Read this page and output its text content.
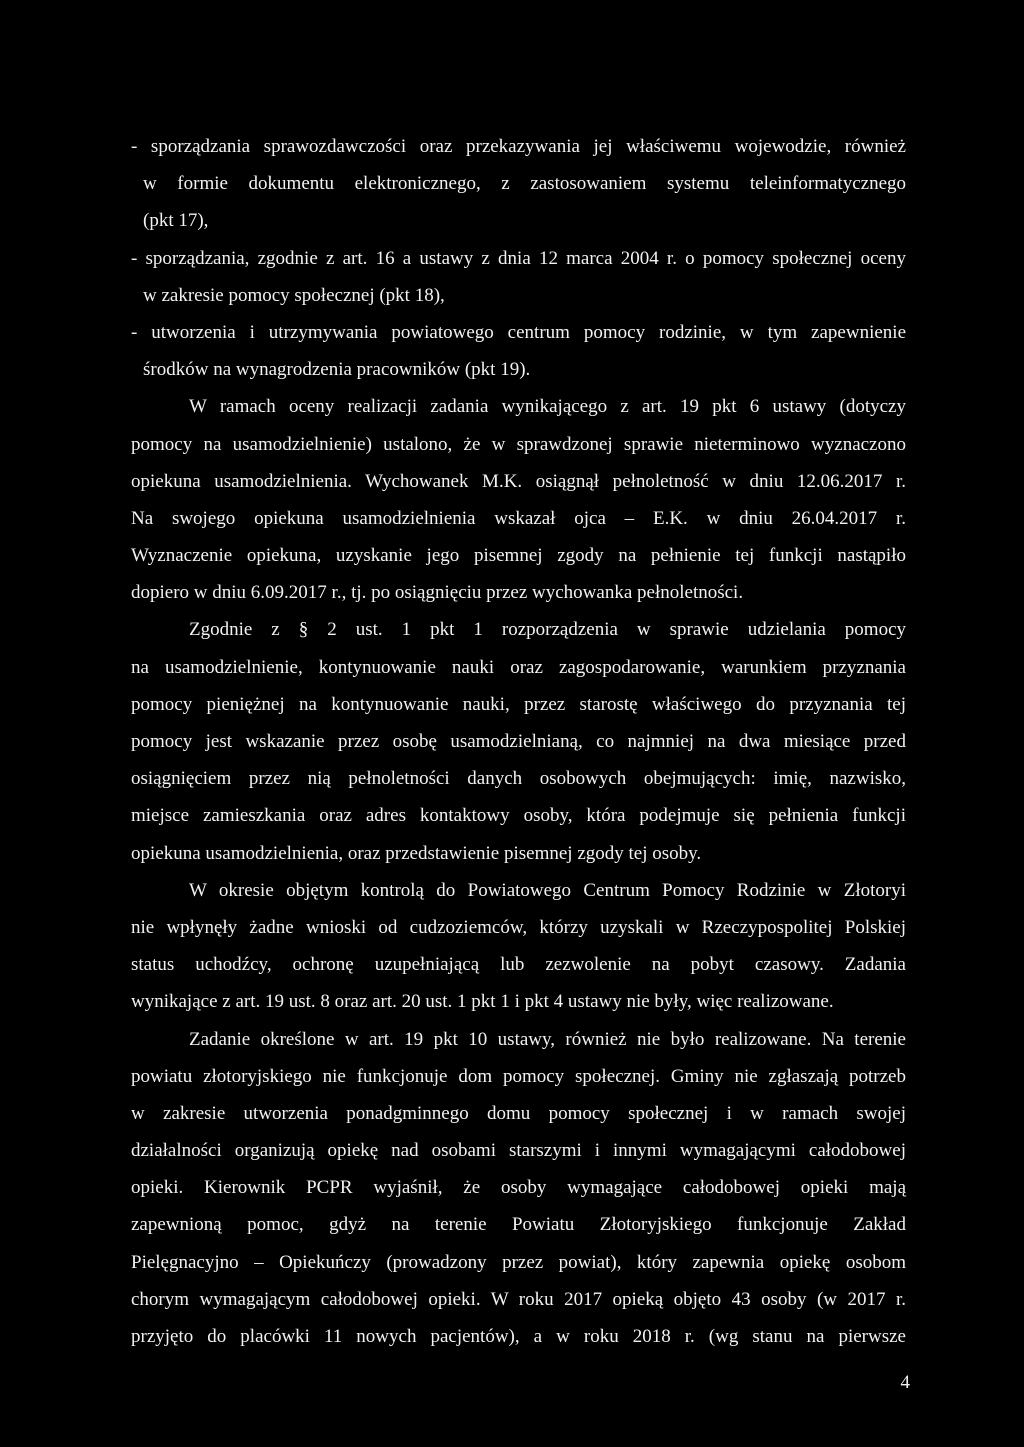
- sporządzania sprawozdawczości oraz przekazywania jej właściwemu wojewodzie, również
w formie dokumentu elektronicznego, z zastosowaniem systemu teleinformatycznego
(pkt 17),
- sporządzania, zgodnie z art. 16 a ustawy z dnia 12 marca 2004 r. o pomocy społecznej oceny
w zakresie pomocy społecznej (pkt 18),
- utworzenia i utrzymywania powiatowego centrum pomocy rodzinie, w tym zapewnienie
środków na wynagrodzenia pracowników (pkt 19).
W ramach oceny realizacji zadania wynikającego z art. 19 pkt 6 ustawy (dotyczy
pomocy na usamodzielnienie) ustalono, że w sprawdzonej sprawie nieterminowo wyznaczono
opiekuna usamodzielnienia. Wychowanek M.K. osiągnął pełnoletność w dniu 12.06.2017 r.
Na swojego opiekuna usamodzielnienia wskazał ojca – E.K. w dniu 26.04.2017 r.
Wyznaczenie opiekuna, uzyskanie jego pisemnej zgody na pełnienie tej funkcji nastąpiło
dopiero w dniu 6.09.2017 r., tj. po osiągnięciu przez wychowanka pełnoletności.
Zgodnie z § 2 ust. 1 pkt 1 rozporządzenia w sprawie udzielania pomocy
na usamodzielnienie, kontynuowanie nauki oraz zagospodarowanie, warunkiem przyznania
pomocy pieniężnej na kontynuowanie nauki, przez starostę właściwego do przyznania tej
pomocy jest wskazanie przez osobę usamodzielnianą, co najmniej na dwa miesiące przed
osiągnięciem przez nią pełnoletności danych osobowych obejmujących: imię, nazwisko,
miejsce zamieszkania oraz adres kontaktowy osoby, która podejmuje się pełnienia funkcji
opiekuna usamodzielnienia, oraz przedstawienie pisemnej zgody tej osoby.
W okresie objętym kontrolą do Powiatowego Centrum Pomocy Rodzinie w Złotoryi
nie wpłynęły żadne wnioski od cudzoziemców, którzy uzyskali w Rzeczypospolitej Polskiej
status uchodźcy, ochronę uzupełniającą lub zezwolenie na pobyt czasowy. Zadania
wynikające z art. 19 ust. 8 oraz art. 20 ust. 1 pkt 1 i pkt 4 ustawy nie były, więc realizowane.
Zadanie określone w art. 19 pkt 10 ustawy, również nie było realizowane. Na terenie
powiatu złotoryjskiego nie funkcjonuje dom pomocy społecznej. Gminy nie zgłaszają potrzeb
w zakresie utworzenia ponadgminnego domu pomocy społecznej i w ramach swojej
działalności organizują opiekę nad osobami starszymi i innymi wymagającymi całodobowej
opieki. Kierownik PCPR wyjaśnił, że osoby wymagające całodobowej opieki mają
zapewnioną pomoc, gdyż na terenie Powiatu Złotoryjskiego funkcjonuje Zakład
Pielęgnacyjno – Opiekuńczy (prowadzony przez powiat), który zapewnia opiekę osobom
chorym wymagającym całodobowej opieki. W roku 2017 opieką objęto 43 osoby (w 2017 r.
przyjęto do placówki 11 nowych pacjentów), a w roku 2018 r. (wg stanu na pierwsze
4
